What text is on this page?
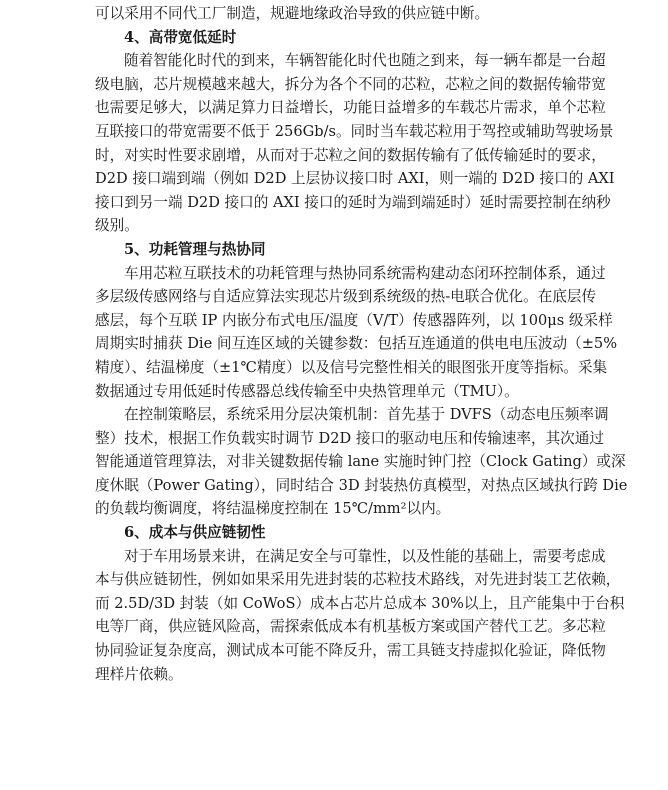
可以采用不同代工厂制造，规避地缘政治导致的供应链中断。
4、高带宽低延时
随着智能化时代的到来，车辆智能化时代也随之到来，每一辆车都是一台超
级电脑，芯片规模越来越大，拆分为各个不同的芯粒，芯粒之间的数据传输带宽
也需要足够大，以满足算力日益增长，功能日益增多的车载芯片需求，单个芯粒
互联接口的带宽需要不低于 256Gb/s。同时当车载芯粒用于驾控或辅助驾驶场景
时，对实时性要求剧增，从而对于芯粒之间的数据传输有了低传输延时的要求，
D2D 接口端到端（例如 D2D 上层协议接口时 AXI，则一端的 D2D 接口的 AXI
接口到另一端 D2D 接口的 AXI 接口的延时为端到端延时）延时需要控制在纳秒
级别。
5、功耗管理与热协同
车用芯粒互联技术的功耗管理与热协同系统需构建动态闭环控制体系，通过
多层级传感网络与自适应算法实现芯片级到系统级的热-电联合优化。在底层传
感层，每个互联 IP 内嵌分布式电压/温度（V/T）传感器阵列，以 100μs 级采样
周期实时捕获 Die 间互连区域的关键参数：包括互连通道的供电电压波动（±5%
精度）、结温梯度（±1℃精度）以及信号完整性相关的眼图张开度等指标。采集
数据通过专用低延时传感器总线传输至中央热管理单元（TMU）。
在控制策略层，系统采用分层决策机制：首先基于 DVFS（动态电压频率调
整）技术，根据工作负载实时调节 D2D 接口的驱动电压和传输速率，其次通过
智能通道管理算法，对非关键数据传输 lane 实施时钟门控（Clock Gating）或深
度休眠（Power Gating），同时结合 3D 封装热仿真模型，对热点区域执行跨 Die
的负载均衡调度，将结温梯度控制在 15℃/mm²以内。
6、成本与供应链韧性
对于车用场景来讲，在满足安全与可靠性，以及性能的基础上，需要考虑成
本与供应链韧性，例如如果采用先进封装的芯粒技术路线，对先进封装工艺依赖，
而 2.5D/3D 封装（如 CoWoS）成本占芯片总成本 30%以上，且产能集中于台积
电等厂商，供应链风险高，需探索低成本有机基板方案或国产替代工艺。多芯粒
协同验证复杂度高，测试成本可能不降反升，需工具链支持虚拟化验证，降低物
理样片依赖。
